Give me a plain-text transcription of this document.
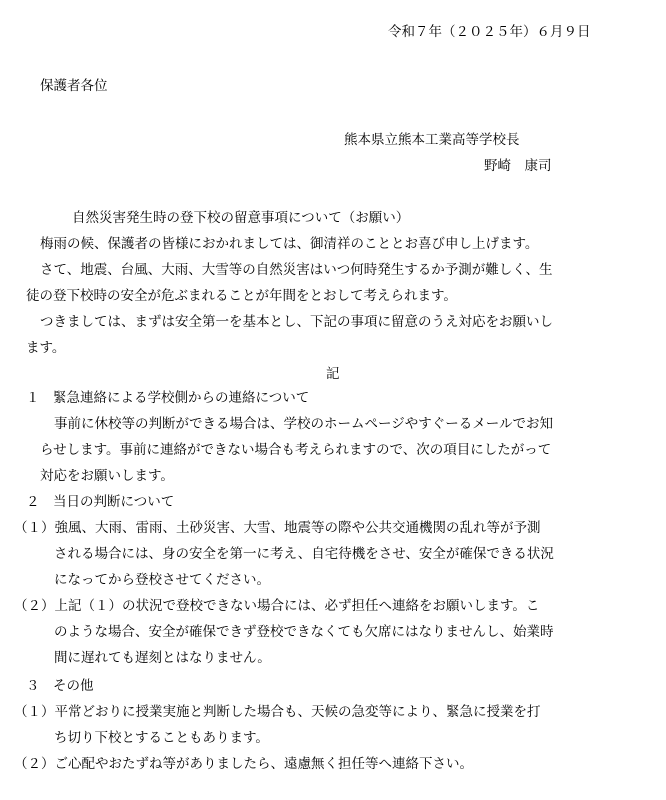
令和７年（２０２５年）６月９日

保護者各位

熊本県立熊本工業高等学校長

野崎　康司

自然災害発生時の登下校の留意事項について（お願い）

梅雨の候、保護者の皆様におかれましては、御清祥のこととお喜び申し上げます。

さて、地震、台風、大雨、大雪等の自然災害はいつ何時発生するか予測が難しく、生

徒の登下校時の安全が危ぶまれることが年間をとおして考えられます。

つきましては、まずは安全第一を基本とし、下記の事項に留意のうえ対応をお願いし

ます。

記

１　緊急連絡による学校側からの連絡について

事前に休校等の判断ができる場合は、学校のホームページやすぐーるメールでお知

らせします。事前に連絡ができない場合も考えられますので、次の項目にしたがって

対応をお願いします。

２　当日の判断について

（１）強風、大雨、雷雨、土砂災害、大雪、地震等の際や公共交通機関の乱れ等が予測

される場合には、身の安全を第一に考え、自宅待機をさせ、安全が確保できる状況

になってから登校させてください。

（２）上記（１）の状況で登校できない場合には、必ず担任へ連絡をお願いします。こ

のような場合、安全が確保できず登校できなくても欠席にはなりませんし、始業時

間に遅れても遅刻とはなりません。

３　その他

（１）平常どおりに授業実施と判断した場合も、天候の急変等により、緊急に授業を打

ち切り下校とすることもあります。

（２）ご心配やおたずね等がありましたら、遠慮無く担任等へ連絡下さい。
